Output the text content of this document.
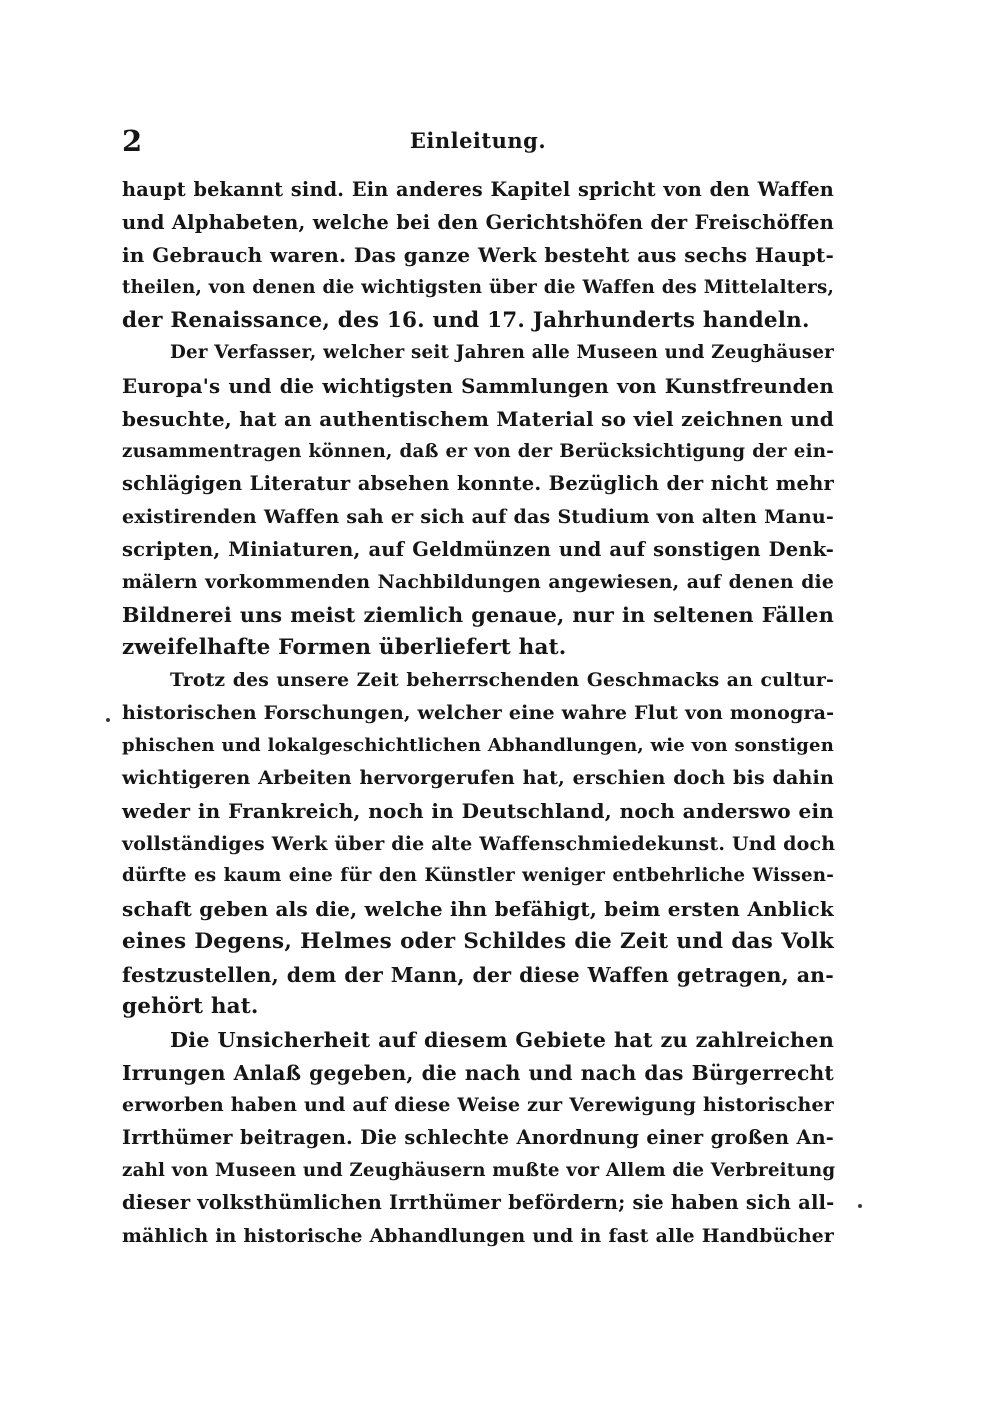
2	Einleitung.
haupt bekannt sind. Ein anderes Kapitel spricht von den Waffen
und Alphabeten, welche bei den Gerichtshöfen der Freischöffen
in Gebrauch waren. Das ganze Werk besteht aus sechs Haupt-
theilen, von denen die wichtigsten über die Waffen des Mittelalters,
der Renaissance, des 16. und 17. Jahrhunderts handeln.
Der Verfasser, welcher seit Jahren alle Museen und Zeughäuser
Europa's und die wichtigsten Sammlungen von Kunstfreunden
besuchte, hat an authentischem Material so viel zeichnen und
zusammentragen können, daß er von der Berücksichtigung der ein-
schlägigen Literatur absehen konnte. Bezüglich der nicht mehr
existirenden Waffen sah er sich auf das Studium von alten Manu-
scripten, Miniaturen, auf Geldmünzen und auf sonstigen Denk-
mälern vorkommenden Nachbildungen angewiesen, auf denen die
Bildnerei uns meist ziemlich genaue, nur in seltenen Fällen
zweifelhafte Formen überliefert hat.
Trotz des unsere Zeit beherrschenden Geschmacks an cultur-
historischen Forschungen, welcher eine wahre Flut von monogra-
phischen und lokalgeschichtlichen Abhandlungen, wie von sonstigen
wichtigeren Arbeiten hervorgerufen hat, erschien doch bis dahin
weder in Frankreich, noch in Deutschland, noch anderswo ein
vollständiges Werk über die alte Waffenschmiedekunst. Und doch
dürfte es kaum eine für den Künstler weniger entbehrliche Wissen-
schaft geben als die, welche ihn befähigt, beim ersten Anblick
eines Degens, Helmes oder Schildes die Zeit und das Volk
festzustellen, dem der Mann, der diese Waffen getragen, an-
gehört hat.
Die Unsicherheit auf diesem Gebiete hat zu zahlreichen
Irrungen Anlaß gegeben, die nach und nach das Bürgerrecht
erworben haben und auf diese Weise zur Verewigung historischer
Irrthümer beitragen. Die schlechte Anordnung einer großen An-
zahl von Museen und Zeughäusern mußte vor Allem die Verbreitung
dieser volksthümlichen Irrthümer befördern; sie haben sich all-
mählich in historische Abhandlungen und in fast alle Handbücher
